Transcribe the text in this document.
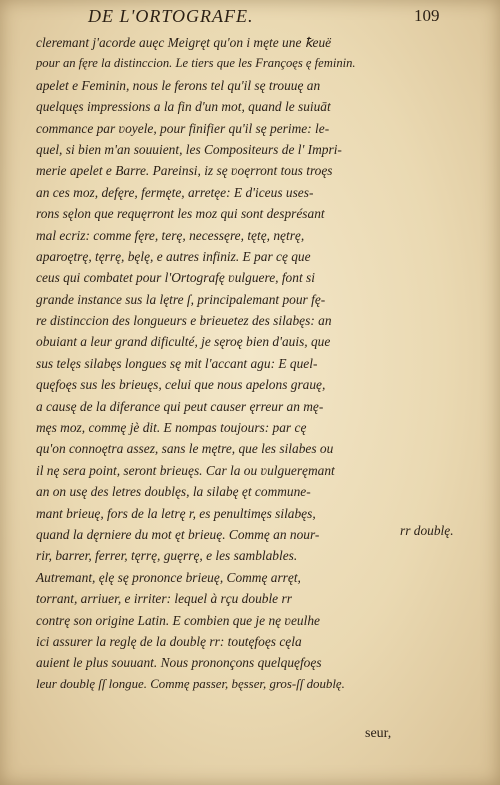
DE L'ORTOGRAFE.	109
cleremant j'acorde auęc Meigręt qu'on i męte une ꝁeuë
pour an fęre la distinccion. Le tiers que les Françoęs ę feminin.
apelet e Feminin, nous le ferons tel qu'il sę trouuę an
quelquęs impressions a la fin d'un mot, quand le suiuāt
commance par ʋoyele, pour finifier qu'il sę perime: le-
quel, si bien m'an souuient, les Compositeurs de l' Impri-
merie apelet e Barre. Pareinsi, iz sę ʋoęrront tous troęs
an ces moz, defęre, fermęte, arretęe: E d'iceus uses-
rons sęlon que requęrront les moz qui sont desprésant
mal ecriz: comme fęre, terę, necessęre, tętę, nętrę,
aparoętrę, tęrrę, bęlę, e autres infiniz. E par cę que
ceus qui combatet pour l'Ortografę ʋulguere, font si
grande instance sus la lętre ſ, principalemant pour fę-
re distinccion des longueurs e brieuetez des silabęs: an
obuiant a leur grand dificulté, je sęroę bien d'auis, que
sus telęs silabęs longues sę mit l'accant agu: E quel-
quęfoęs sus les brieuęs, celui que nous apelons grauę,
a causę de la diferance qui peut causer ęrreur an mę-
męs moz, commę jè dit. E nompas toujours: par cę
qu'on connoętra assez, sans le mętre, que les silabes ou
il nę sera point, seront brieuęs. Car la ou ʋulgueręmant
an on usę des letres doublęs, la silabę ęt commune-
mant brieuę, fors de la letrę r, es penultimęs silabęs,
quand la dęrniere du mot ęt brieuę. Commę an nour-
rir, barrer, ferrer, tęrrę, guęrrę, e les samblables.
Autremant, ęlę sę prononce brieuę, Commę arręt,
torrant, arriuer, e irriter: lequel à rçu double rr
contrę son origine Latin. E combien que je nę ʋeulhe
ici assurer la reglę de la doublę rr: toutęfoęs cęla
auient le plus souuant. Nous prononçons quelquęfoęs
leur doublę ſſ longue. Commę passer, bęsser, gros-ſſ doublę.
rr doublę.
seur,
